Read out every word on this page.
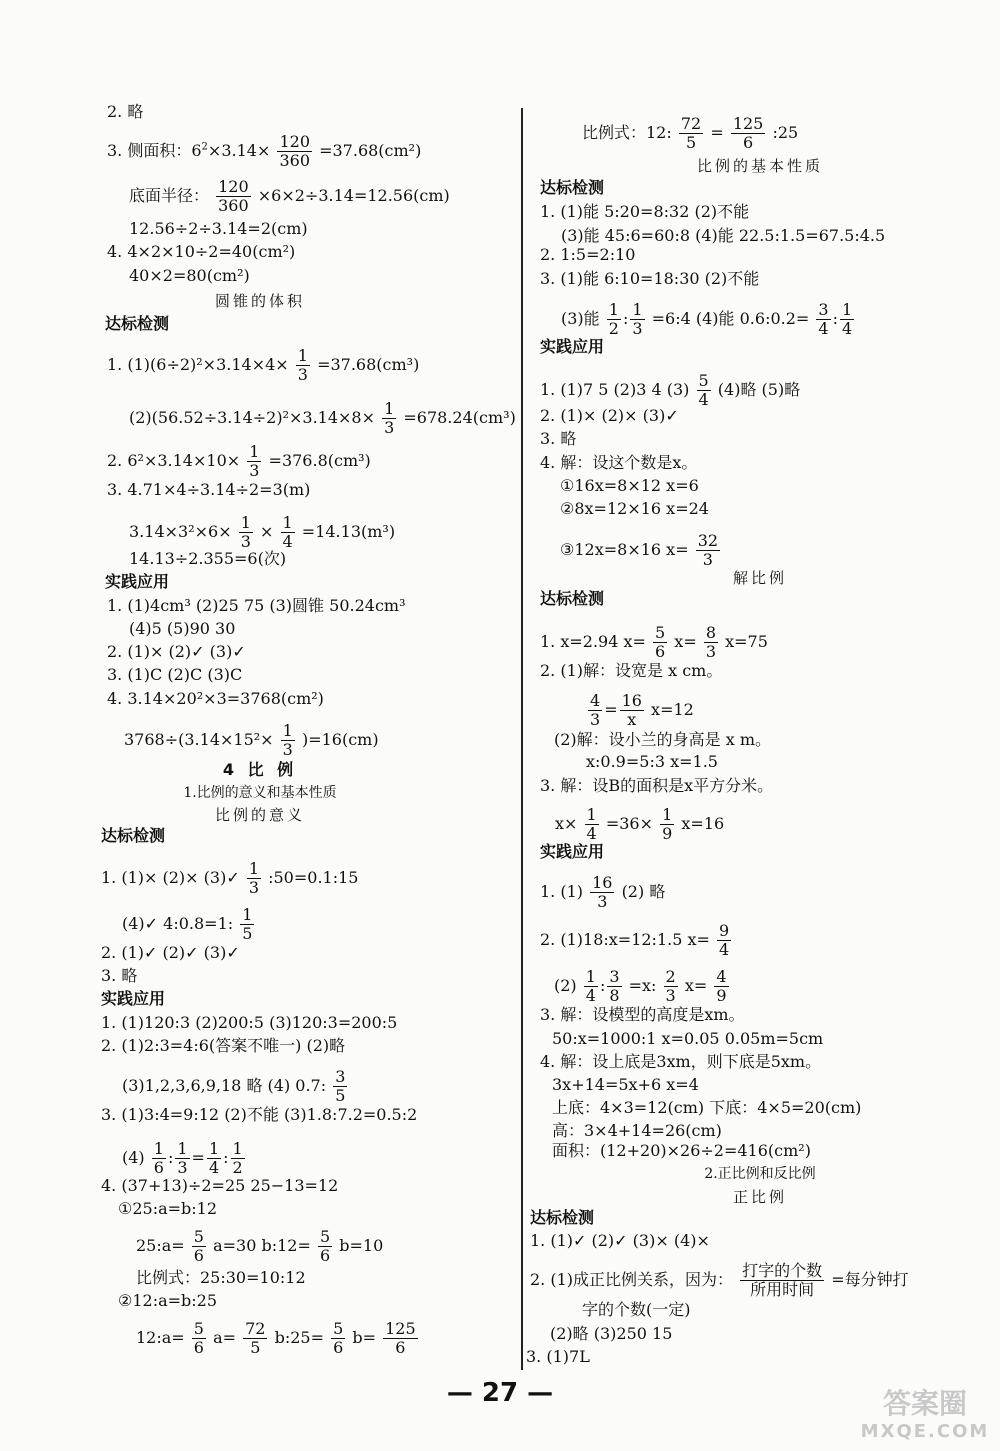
2. 略
3. 侧面积：$6^2\times 3.14\times \frac{120}{360} =37.68(cm^2)$
底面半径： $\frac{120}{360} \times 6\times 2\div 3.14=12.56(cm)$
12.56÷2÷3.14=2(cm)
4. 4×2×10÷2=40(cm²)
40×2=80(cm²)
圆锥的体积
达标检测
1. $(1)(6\div 2)^2\times 3.14\times 4\times \frac{1}{3} =37.68(cm^3)$
$(2)(56.52\div 3.14\div 2)^2\times 3.14\times 8\times \frac{1}{3} =678.24(cm^3)$
2. $6^2\times 3.14\times 10\times \frac{1}{3} =376.8(cm^3)$
3. 4.71×4÷3.14÷2=3(m)
$3.14\times 3^2\times 6\times \frac{1}{3} \times \frac{1}{4} =14.13(m^3)$
14.13÷2.355=6(次)
实践应用
1. (1)4cm³ (2)25 75 (3)圆锥 50.24cm³
(4)5 (5)90 30
2. (1)× (2)✓ (3)✓
3. (1)C (2)C (3)C
4. 3.14×20²×3=3768(cm²)
$3768\div(3.14\times 15^2\times \frac{1}{3} )=16(cm)$
4 比 例
1.比例的意义和基本性质
比例的意义
达标检测
1. (1)× (2)× (3)✓ $\frac{1}{3}$ :50=0.1:15
(4)✓ 4:0.8=1: $\frac{1}{5}$
2. (1)✓ (2)✓ (3)✓
3. 略
实践应用
1. (1)120:3 (2)200:5 (3)120:3=200:5
2. (1)2:3=4:6(答案不唯一) (2)略
(3)1,2,3,6,9,18 略 (4) 0.7: $\frac{3}{5}$
3. (1)3:4=9:12 (2)不能 (3)1.8:7.2=0.5:2
$(4) \frac{1}{6}$ : $\frac{1}{3} = \frac{1}{4}$ : $\frac{1}{2}$
4. (37+13)÷2=25 25−13=12
①25:a=b:12
25:a= $\frac{5}{6} a=30$ b:12= $\frac{5}{6} b=10$
比例式：25:30=10:12
②12:a=b:25
12:a= $\frac{5}{6} a= \frac{72}{5}$ b:25= $\frac{5}{6} b= \frac{125}{6}$
比例式：12: $\frac{72}{5} = \frac{125}{6}$ :25
比例的基本性质
达标检测
1. (1)能 5:20=8:32 (2)不能
(3)能 45:6=60:8 (4)能 22.5:1.5=67.5:4.5
2. 1:5=2:10
3. (1)能 6:10=18:30 (2)不能
(3)能 $\frac{1}{2}$ : $\frac{1}{3}$ =6:4 (4)能 0.6:0.2= $\frac{3}{4}$ : $\frac{1}{4}$
实践应用
1. (1)7 5 (2)3 4 $(3) \frac{5}{4} (4)$略 (5)略
2. (1)× (2)× (3)✓
3. 略
4. 解：设这个数是x。
①16x=8×12 x=6
②8x=12×16 x=24
③12x=8×16 $x= \frac{32}{3}$
解比例
达标检测
1. x=2.94 $x= \frac{5}{6} x= \frac{8}{3} x=75$
2. (1)解：设宽是 x cm。
$\frac{4}{3} = \frac{16}{x} x=12$
(2)解：设小兰的身高是 x m。
x:0.9=5:3 x=1.5
3. 解：设B的面积是x平方分米。
$x\times \frac{1}{4} =36\times \frac{1}{9} x=16$
实践应用
1. $(1) \frac{16}{3} (2)$ 略
2. (1)18:x=12:1.5 $x= \frac{9}{4}$
$(2) \frac{1}{4}$ : $\frac{3}{8} =x$: $\frac{2}{3} x= \frac{4}{9}$
3. 解：设模型的高度是xm。
50:x=1000:1 x=0.05 0.05m=5cm
4. 解：设上底是3xm，则下底是5xm。
3x+14=5x+6 x=4
上底：4×3=12(cm) 下底：4×5=20(cm)
高：3×4+14=26(cm)
面积：(12+20)×26÷2=416(cm²)
2.正比例和反比例
正比例
达标检测
1. (1)✓ (2)✓ (3)× (4)×
2. (1)成正比例关系，因为： 打字的个数
所用时间
=每分钟打
字的个数(一定)
(2)略 (3)250 15
3. (1)7L
— 27 —	答案圈
MXQE.COM
